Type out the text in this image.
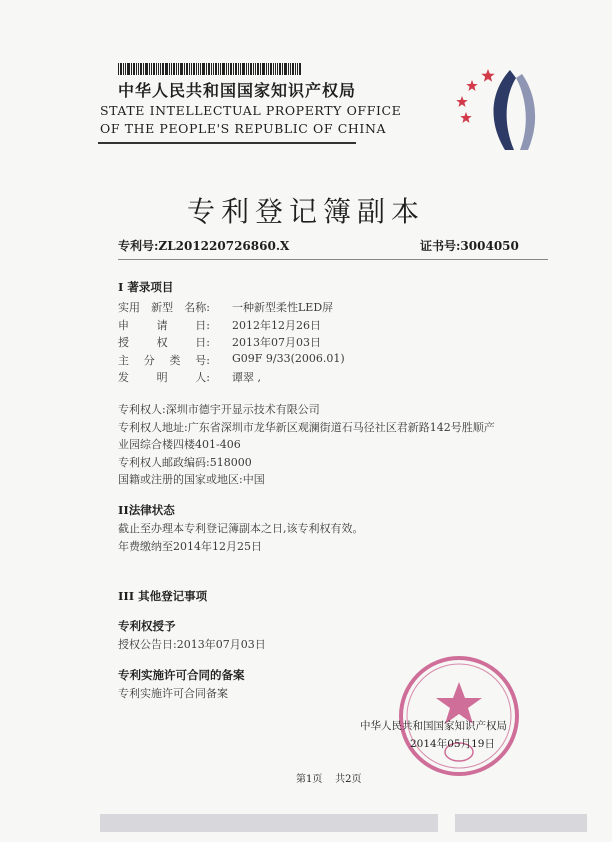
中华人民共和国国家知识产权局
STATE INTELLECTUAL PROPERTY OFFICE
OF THE PEOPLE'S REPUBLIC OF CHINA
专利登记簿副本
专利号:ZL201220726860.X	证书号:3004050
I 著录项目
实用 新型 名称: 一种新型柔性LED屏
申	请	日: 2012年12月26日
授	权	日: 2013年07月03日
主 分 类 号: G09F 9/33(2006.01)
发	明	人: 谭翠 ,
专利权人:深圳市德宇开显示技术有限公司
专利权人地址:广东省深圳市龙华新区观澜街道石马径社区君新路142号胜顺产
业园综合楼四楼401-406
专利权人邮政编码:518000
国籍或注册的国家或地区:中国
II法律状态
截止至办理本专利登记簿副本之日,该专利权有效。
年费缴纳至2014年12月25日
III 其他登记事项
专利权授予
授权公告日:2013年07月03日
专利实施许可合同的备案
专利实施许可合同备案
中华人民共和国国家知识产权局
2014年05月19日
第1页    共2页
